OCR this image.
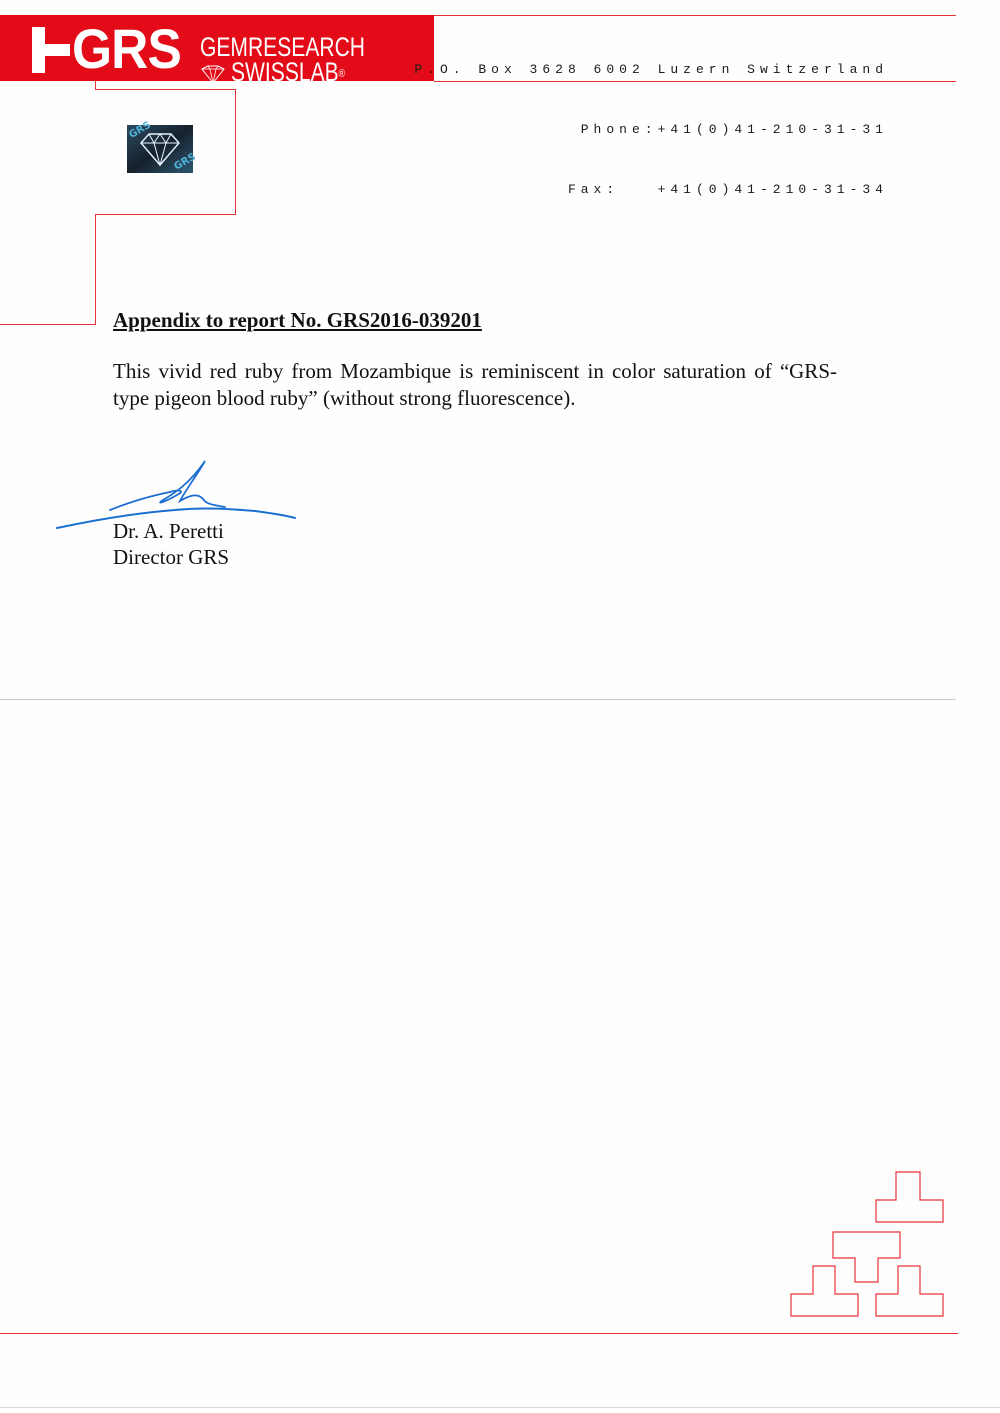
GRS GEMRESEARCH
SWISSLAB®

	P.O. Box 3628 6002 Luzern Switzerland

Phone:+41(0)41-210-31-31

Fax:	+41(0)41-210-31-34

GRS
GRS
Appendix to report No. GRS2016-039201
This vivid red ruby from Mozambique is reminiscent in color saturation of “GRS-type pigeon blood ruby” (without strong fluorescence).
Dr. A. Peretti
Director GRS
